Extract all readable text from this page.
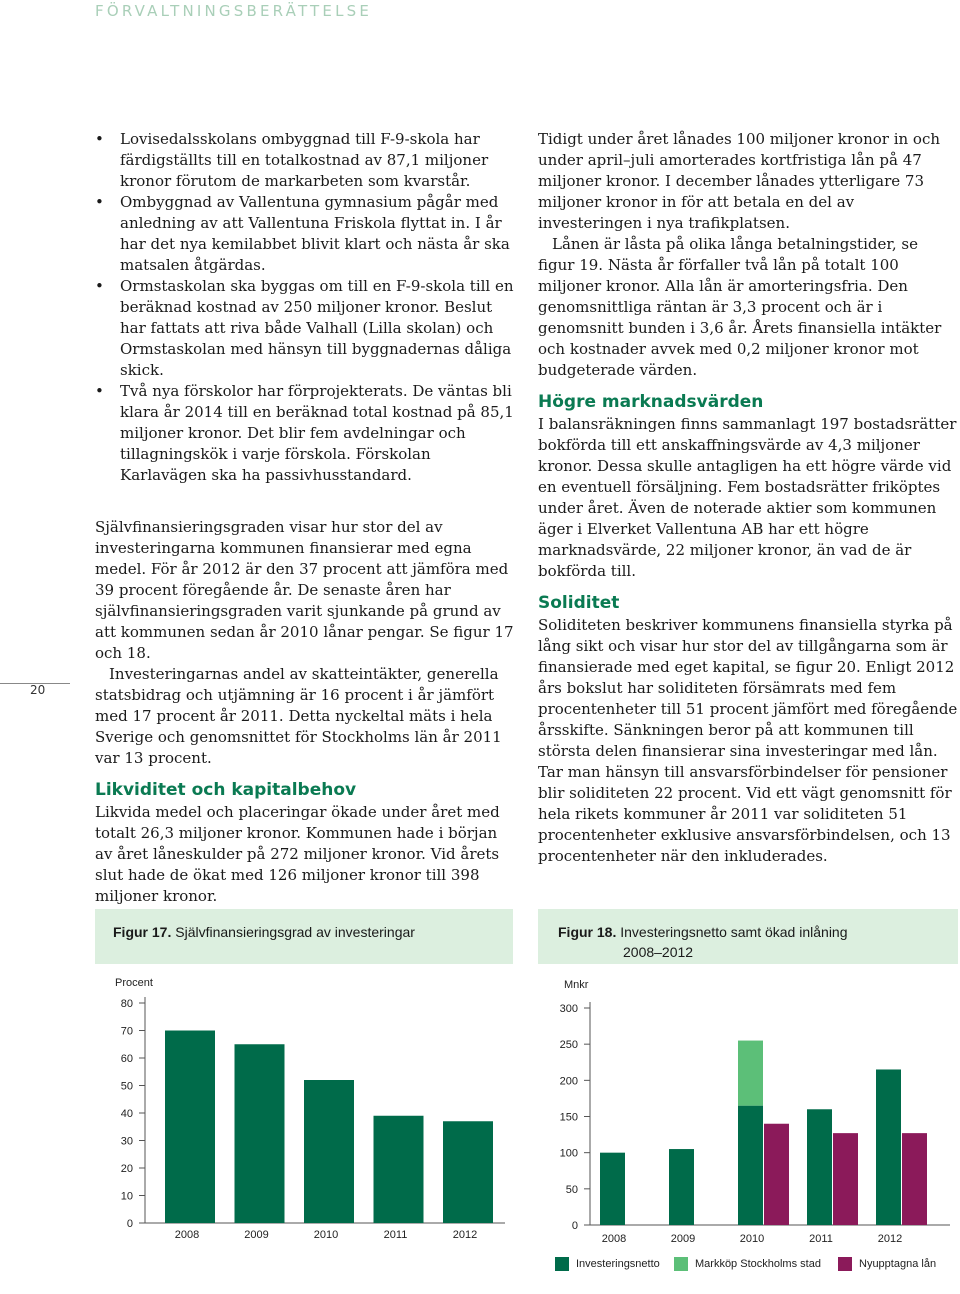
FÖRVALTNINGSBERÄTTELSE
20
• Lovisedalsskolans ombyggnad till F-9-skola har färdigställts till en totalkostnad av 87,1 miljoner kronor förutom de markarbeten som kvarstår.
• Ombyggnad av Vallentuna gymnasium pågår med anledning av att Vallentuna Friskola flyttat in. I år har det nya kemilabbet blivit klart och nästa år ska matsalen åtgärdas.
• Ormstaskolan ska byggas om till en F-9-skola till en beräknad kostnad av 250 miljoner kronor. Beslut har fattats att riva både Valhall (Lilla skolan) och Ormstaskolan med hänsyn till byggnadernas dåliga skick.
• Två nya förskolor har förprojekterats. De väntas bli klara år 2014 till en beräknad total kostnad på 85,1 miljoner kronor. Det blir fem avdelningar och tillagningskök i varje förskola. Förskolan Karlavägen ska ha passivhusstandard.

Självfinansieringsgraden visar hur stor del av investeringarna kommunen finansierar med egna medel. För år 2012 är den 37 procent att jämföra med 39 procent föregående år. De senaste åren har självfinansieringsgraden varit sjunkande på grund av att kommunen sedan år 2010 lånar pengar. Se figur 17 och 18.

Investeringarnas andel av skatteintäkter, generella statsbidrag och utjämning är 16 procent i år jämfört med 17 procent år 2011. Detta nyckeltal mäts i hela Sverige och genomsnittet för Stockholms län år 2011 var 13 procent.

Likviditet och kapitalbehov

Likvida medel och placeringar ökade under året med totalt 26,3 miljoner kronor. Kommunen hade i början av året låneskulder på 272 miljoner kronor. Vid årets slut hade de ökat med 126 miljoner kronor till 398 miljoner kronor.

Tidigt under året lånades 100 miljoner kronor in och under april–juli amorterades kortfristiga lån på 47 miljoner kronor. I december lånades ytterligare 73 miljoner kronor in för att betala en del av investeringen i nya trafikplatsen.

Lånen är låsta på olika långa betalningstider, se figur 19. Nästa år förfaller två lån på totalt 100 miljoner kronor. Alla lån är amorteringsfria. Den genomsnittliga räntan är 3,3 procent och är i genomsnitt bunden i 3,6 år. Årets finansiella intäkter och kostnader avvek med 0,2 miljoner kronor mot budgeterade värden.

Högre marknadsvärden

I balansräkningen finns sammanlagt 197 bostadsrätter bokförda till ett anskaffningsvärde av 4,3 miljoner kronor. Dessa skulle antagligen ha ett högre värde vid en eventuell försäljning. Fem bostadsrätter friköptes under året. Även de noterade aktier som kommunen äger i Elverket Vallentuna AB har ett högre marknadsvärde, 22 miljoner kronor, än vad de är bokförda till.

Soliditet

Soliditeten beskriver kommunens finansiella styrka på lång sikt och visar hur stor del av tillgångarna som är finansierade med eget kapital, se figur 20. Enligt 2012 års bokslut har soliditeten försämrats med fem procentenheter till 51 procent jämfört med föregående årsskifte. Sänkningen beror på att kommunen till största delen finansierar sina investeringar med lån. Tar man hänsyn till ansvarsförbindelser för pensioner blir soliditeten 22 procent. Vid ett vägt genomsnitt för hela rikets kommuner år 2011 var soliditeten 51 procentenheter exklusive ansvarsförbindelsen, och 13 procentenheter när den inkluderades.

Figur 17. Självfinansieringsgrad av investeringar
Procent
0
10
20
30
40
50
60
70
80
2008	2009	2010	2011	2012
Figur 18. Investeringsnetto samt ökad inlåning
2008–2012
Mnkr
0
50
100
150
200
250
300
2008	2009	2010	2011	2012
Investeringsnetto	Markköp Stockholms stad	Nyupptagna lån
